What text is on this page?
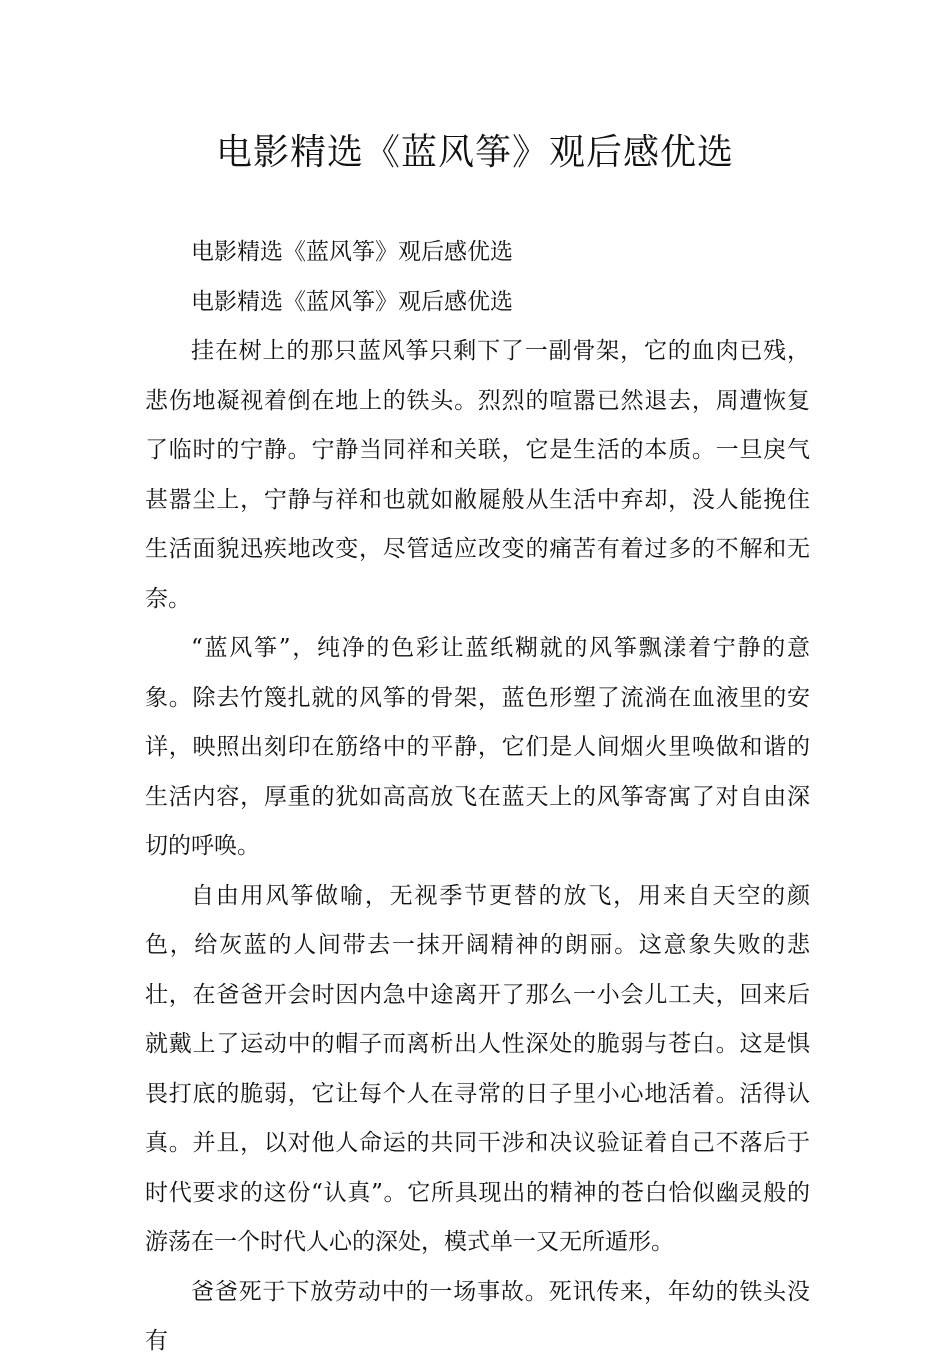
电影精选《蓝风筝》观后感优选

电影精选《蓝风筝》观后感优选

电影精选《蓝风筝》观后感优选

挂在树上的那只蓝风筝只剩下了一副骨架，它的血肉已残，悲伤地凝视着倒在地上的铁头。烈烈的喧嚣已然退去，周遭恢复了临时的宁静。宁静当同祥和关联，它是生活的本质。一旦戾气甚嚣尘上，宁静与祥和也就如敝屣般从生活中弃却，没人能挽住生活面貌迅疾地改变，尽管适应改变的痛苦有着过多的不解和无奈。

“蓝风筝”，纯净的色彩让蓝纸糊就的风筝飘漾着宁静的意象。除去竹篾扎就的风筝的骨架，蓝色形塑了流淌在血液里的安详，映照出刻印在筋络中的平静，它们是人间烟火里唤做和谐的生活内容，厚重的犹如高高放飞在蓝天上的风筝寄寓了对自由深切的呼唤。

自由用风筝做喻，无视季节更替的放飞，用来自天空的颜色，给灰蓝的人间带去一抹开阔精神的朗丽。这意象失败的悲壮，在爸爸开会时因内急中途离开了那么一小会儿工夫，回来后就戴上了运动中的帽子而离析出人性深处的脆弱与苍白。这是惧畏打底的脆弱，它让每个人在寻常的日子里小心地活着。活得认真。并且，以对他人命运的共同干涉和决议验证着自己不落后于时代要求的这份“认真”。它所具现出的精神的苍白恰似幽灵般的游荡在一个时代人心的深处，模式单一又无所遁形。

爸爸死于下放劳动中的一场事故。死讯传来，年幼的铁头没有
